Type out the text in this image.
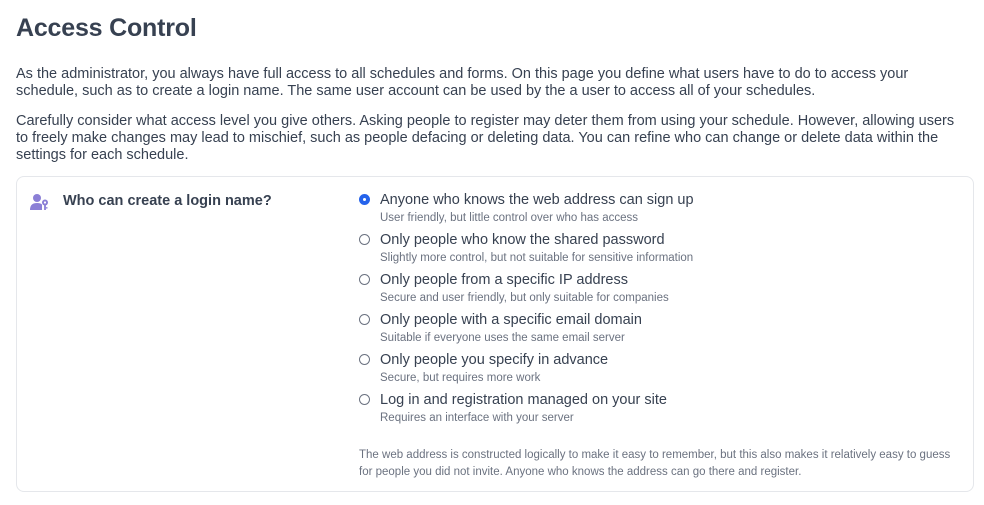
Access Control

As the administrator, you always have full access to all schedules and forms. On this page you define what users have to do to access your schedule, such as to create a login name. The same user account can be used by the a user to access all of your schedules.

Carefully consider what access level you give others. Asking people to register may deter them from using your schedule. However, allowing users to freely make changes may lead to mischief, such as people defacing or deleting data. You can refine who can change or delete data within the settings for each schedule.

Who can create a login name?	Anyone who knows the web address can sign up
User friendly, but little control over who has access
Only people who know the shared password
Slightly more control, but not suitable for sensitive information
Only people from a specific IP address
Secure and user friendly, but only suitable for companies
Only people with a specific email domain
Suitable if everyone uses the same email server
Only people you specify in advance
Secure, but requires more work
Log in and registration managed on your site
Requires an interface with your server

The web address is constructed logically to make it easy to remember, but this also makes it relatively easy to guess for people you did not invite. Anyone who knows the address can go there and register.
